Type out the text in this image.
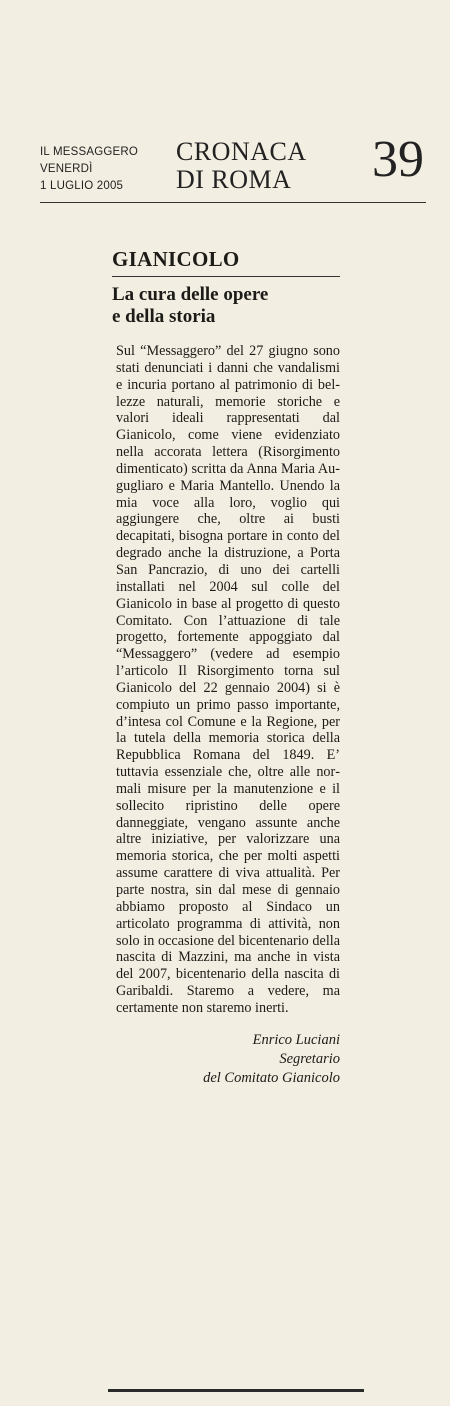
IL MESSAGGERO
VENERDÌ
1 LUGLIO 2005
CRONACA
DI ROMA 39
GIANICOLO
La cura delle opere
e della storia
Sul “Messaggero” del 27 giugno sono stati denunciati i danni che vandalismi e incuria portano al patrimonio di bellezze naturali, memorie storiche e valori ideali rappresentati dal Gianicolo, come viene evidenziato nella accorata lettera (Risorgimento dimenticato) scritta da Anna Maria Augugliaro e Maria Mantello. Unendo la mia voce alla loro, voglio qui aggiungere che, oltre ai busti decapitati, bisogna portare in conto del degrado anche la distruzione, a Porta San Pancrazio, di uno dei cartelli installati nel 2004 sul colle del Gianicolo in base al progetto di questo Comitato. Con l’attuazione di tale progetto, fortemente appoggiato dal “Messaggero” (vedere ad esempio l’articolo Il Risorgimento torna sul Gianicolo del 22 gennaio 2004) si è compiuto un primo passo importante, d’intesa col Comune e la Regione, per la tutela della memoria storica della Repubblica Romana del 1849. E’ tuttavia essenziale che, oltre alle normali misure per la manutenzione e il sollecito ripristino delle opere danneggiate, vengano assunte anche altre iniziative, per valorizzare una memoria storica, che per molti aspetti assume carattere di viva attualità. Per parte nostra, sin dal mese di gennaio abbiamo proposto al Sindaco un articolato programma di attività, non solo in occasione del bicentenario della nascita di Mazzini, ma anche in vista del 2007, bicentenario della nascita di Garibaldi. Staremo a vedere, ma certamente non staremo inerti.
Enrico Luciani
Segretario
del Comitato Gianicolo
